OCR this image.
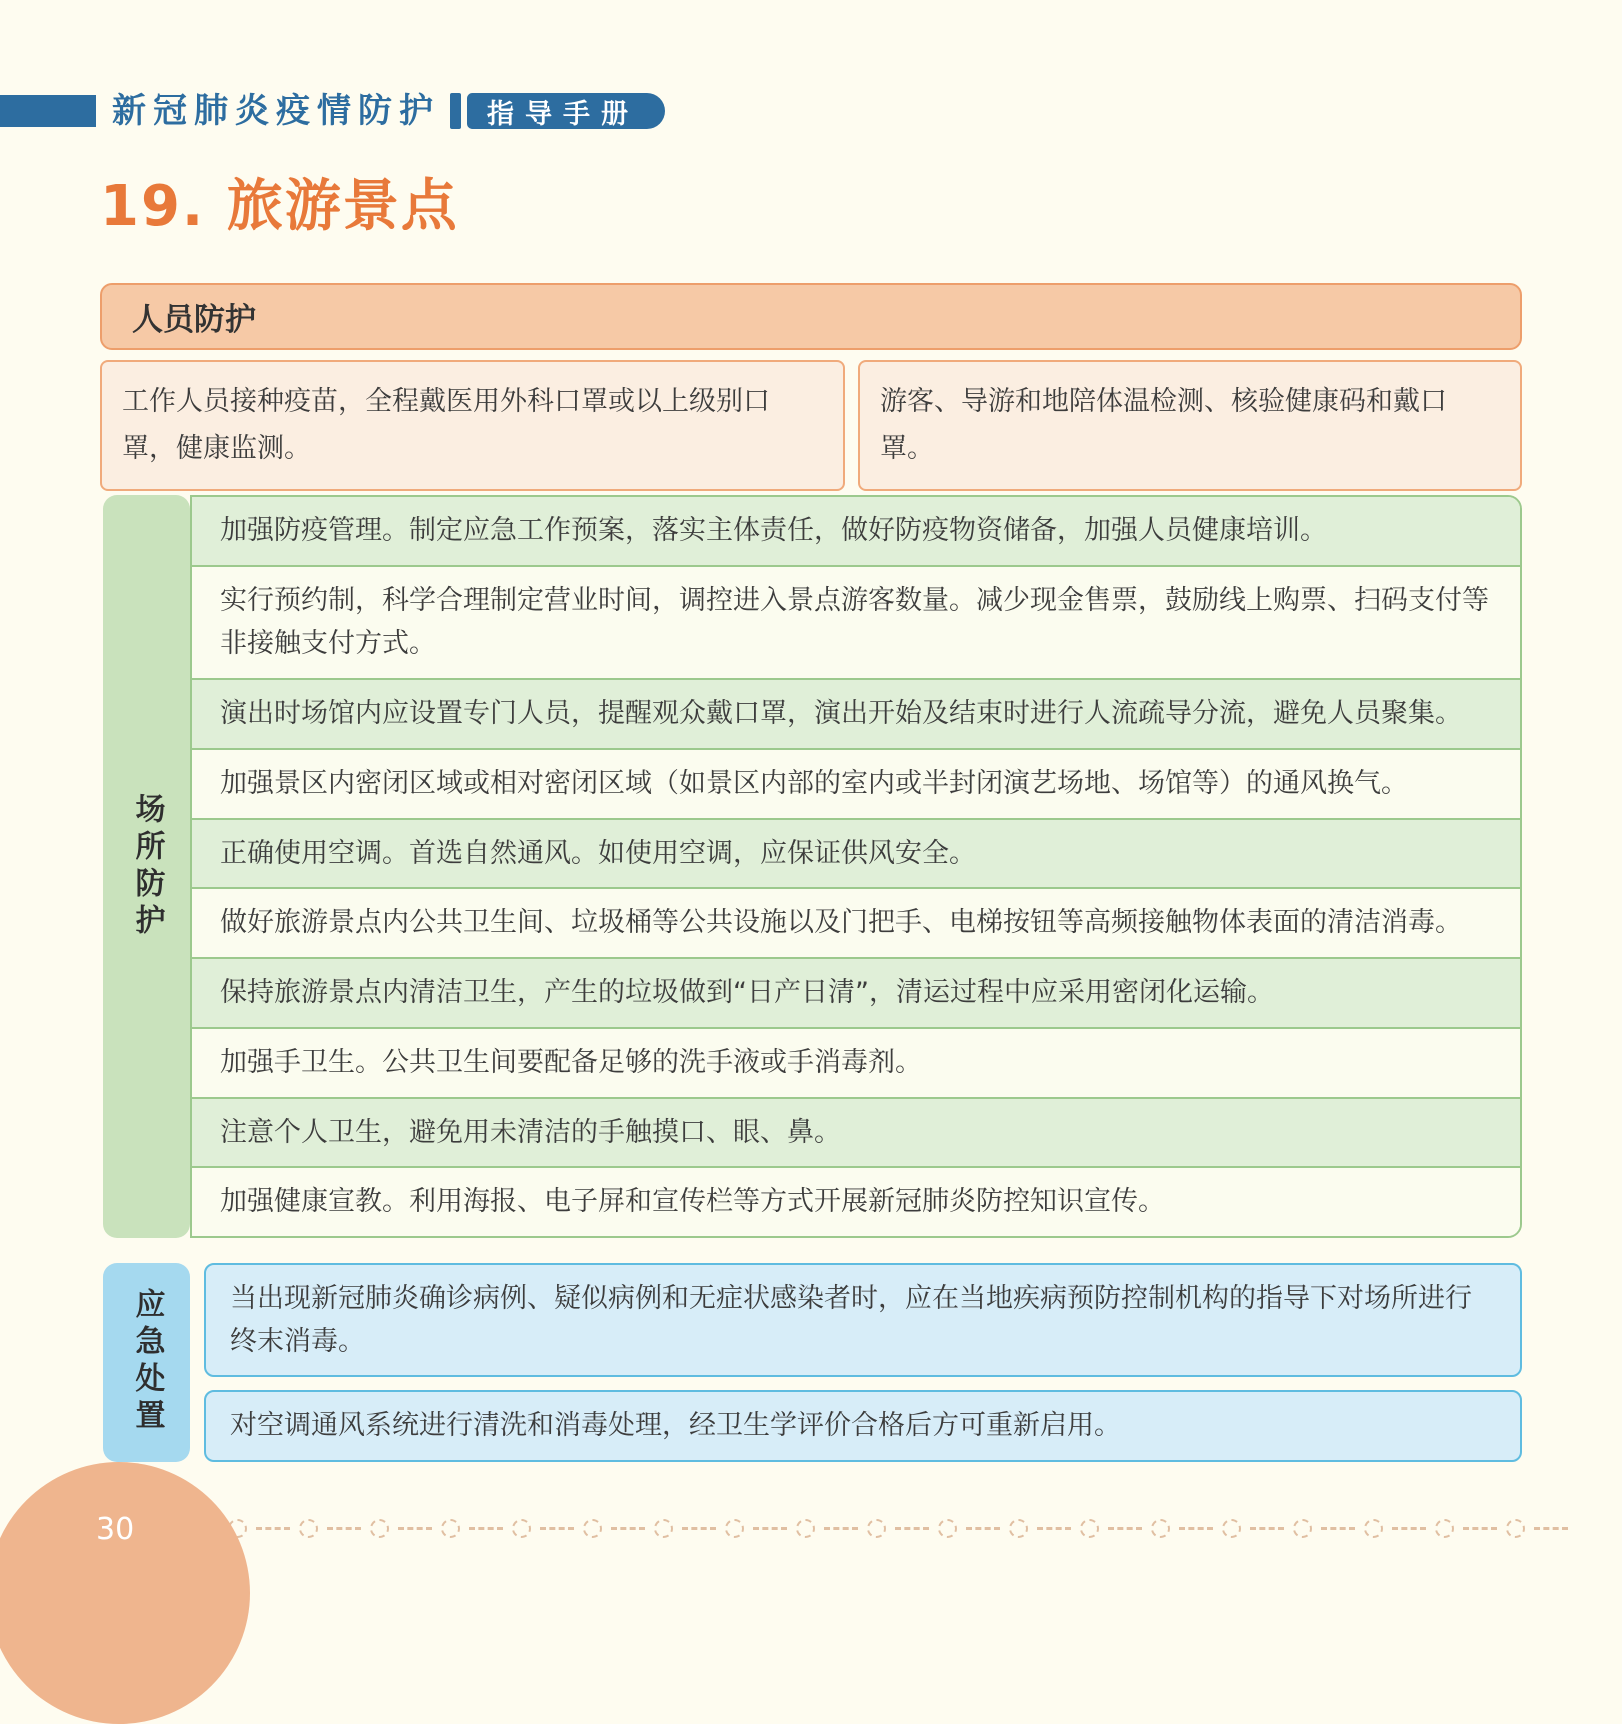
新冠肺炎疫情防护	指导手册
19. 旅游景点
人员防护

工作人员接种疫苗，全程戴医用外科口罩或以上级别口罩，健康监测。

游客、导游和地陪体温检测、核验健康码和戴口罩。

场所防护
加强防疫管理。制定应急工作预案，落实主体责任，做好防疫物资储备，加强人员健康培训。
实行预约制，科学合理制定营业时间，调控进入景点游客数量。减少现金售票，鼓励线上购票、扫码支付等非接触支付方式。
演出时场馆内应设置专门人员，提醒观众戴口罩，演出开始及结束时进行人流疏导分流，避免人员聚集。
加强景区内密闭区域或相对密闭区域（如景区内部的室内或半封闭演艺场地、场馆等）的通风换气。
正确使用空调。首选自然通风。如使用空调，应保证供风安全。
做好旅游景点内公共卫生间、垃圾桶等公共设施以及门把手、电梯按钮等高频接触物体表面的清洁消毒。
保持旅游景点内清洁卫生，产生的垃圾做到“日产日清”，清运过程中应采用密闭化运输。
加强手卫生。公共卫生间要配备足够的洗手液或手消毒剂。
注意个人卫生，避免用未清洁的手触摸口、眼、鼻。
加强健康宣教。利用海报、电子屏和宣传栏等方式开展新冠肺炎防控知识宣传。
应急处置	当出现新冠肺炎确诊病例、疑似病例和无症状感染者时，应在当地疾病预防控制机构的指导下对场所进行终末消毒。
对空调通风系统进行清洗和消毒处理，经卫生学评价合格后方可重新启用。
30
